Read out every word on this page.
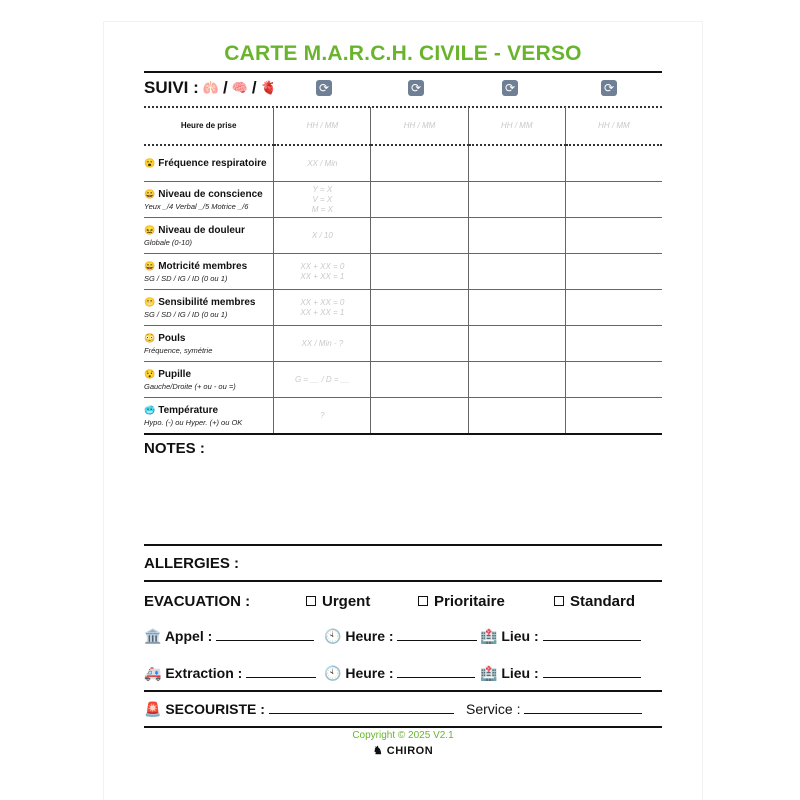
CARTE M.A.R.C.H. CIVILE - VERSO
SUIVI : 🫁 / 🧠 / 🫀	⟳	⟳	⟳	⟳
Heure de prise	HH / MM	HH / MM	HH / MM	HH / MM

😮 Fréquence respiratoire	XX / Min			

😀 Niveau de conscience
Yeux _/4 Verbal _/5 Motrice _/6	Y = X
V = X
M = X			

😖 Niveau de douleur
Globale (0-10)	X / 10			

😄 Motricité membres
SG / SD / IG / ID (0 ou 1)	XX + XX = 0
XX + XX = 1			

😬 Sensibilité membres
SG / SD / IG / ID (0 ou 1)	XX + XX = 0
XX + XX = 1			

😳 Pouls
Fréquence, symétrie	XX / Min - ?			

😯 Pupille
Gauche/Droite (+ ou - ou =)	G = __ / D = __			

🥶 Température
Hypo. (-) ou Hyper. (+) ou OK	?			
NOTES :
ALLERGIES :
EVACUATION :	Urgent	Prioritaire	Standard
🏛️ Appel :	🕙 Heure :	🏥 Lieu :
🚑 Extraction :	🕙 Heure :	🏥 Lieu :
🚨 SECOURISTE :	Service :
Copyright © 2025 V2.1
♞ CHIRON
